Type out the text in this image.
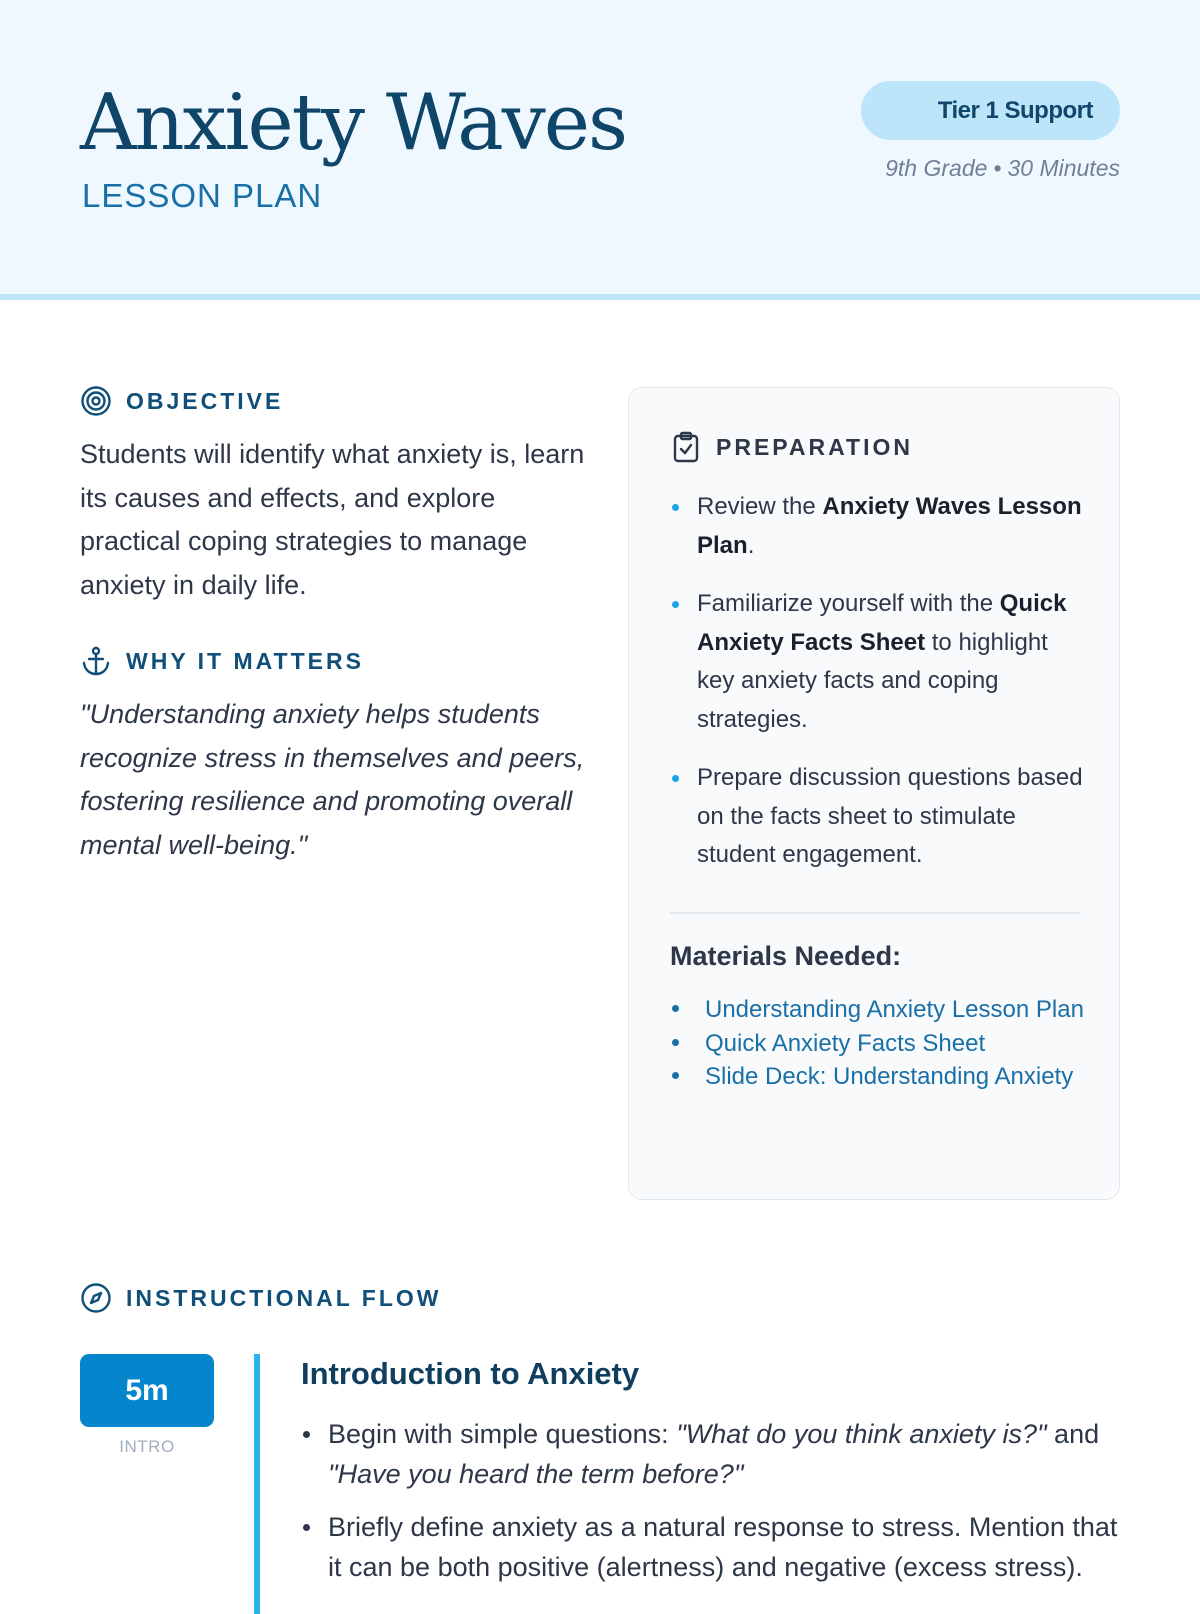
Anxiety Waves
LESSON PLAN
Tier 1 Support
9th Grade • 30 Minutes
OBJECTIVE

Students will identify what anxiety is, learn its causes and effects, and explore practical coping strategies to manage anxiety in daily life.

WHY IT MATTERS

"Understanding anxiety helps students recognize stress in themselves and peers, fostering resilience and promoting overall mental well-being."

PREPARATION
Review the Anxiety Waves Lesson Plan.
Familiarize yourself with the Quick Anxiety Facts Sheet to highlight key anxiety facts and coping strategies.
Prepare discussion questions based on the facts sheet to stimulate student engagement.
Materials Needed:
Understanding Anxiety Lesson Plan
Quick Anxiety Facts Sheet
Slide Deck: Understanding Anxiety
INSTRUCTIONAL FLOW
5m
INTRO
Introduction to Anxiety
Begin with simple questions: "What do you think anxiety is?" and "Have you heard the term before?"
Briefly define anxiety as a natural response to stress. Mention that it can be both positive (alertness) and negative (excess stress).
